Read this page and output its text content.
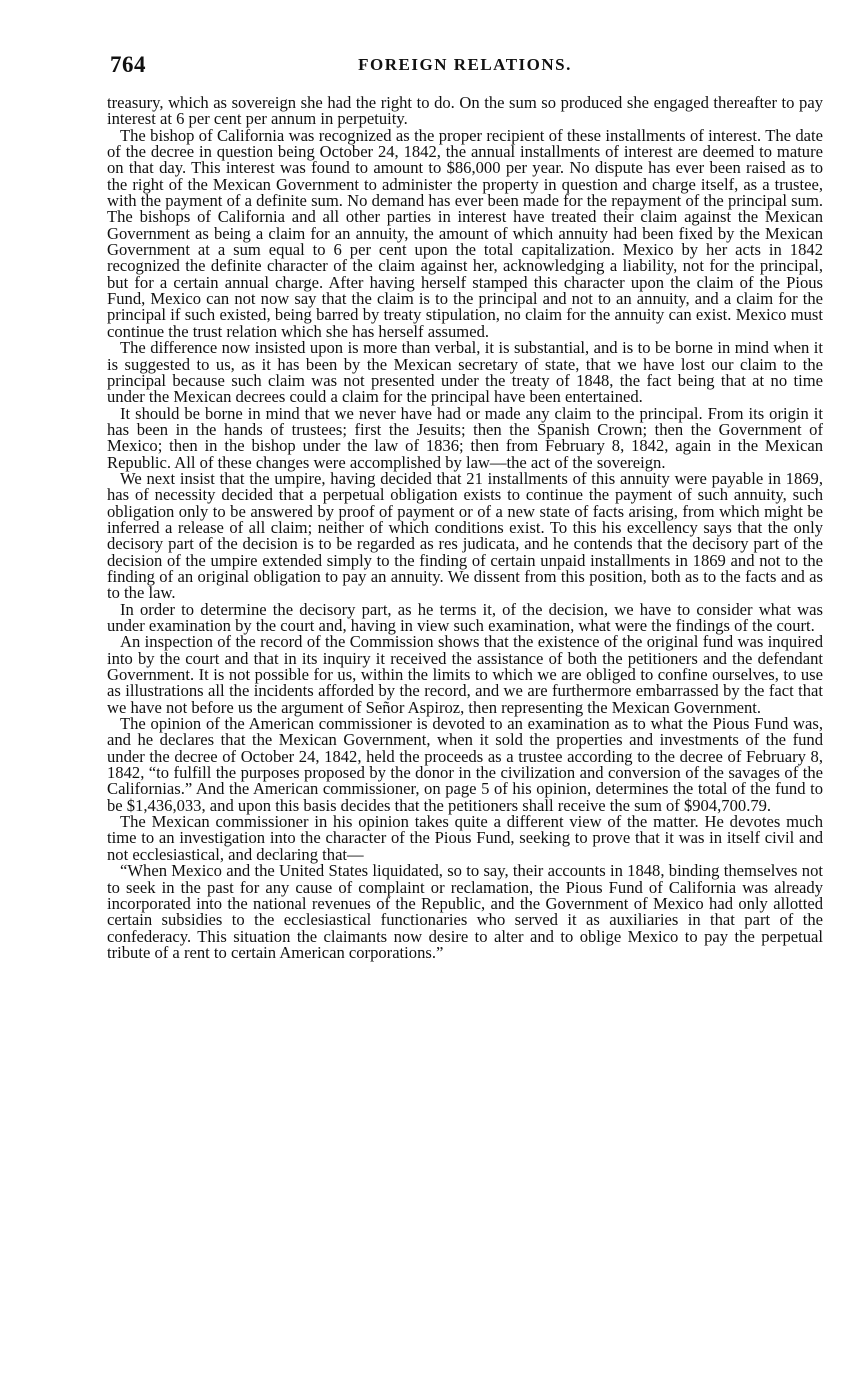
764	FOREIGN RELATIONS.

treasury, which as sovereign she had the right to do. On the sum so produced she engaged thereafter to pay interest at 6 per cent per annum in perpetuity.

The bishop of California was recognized as the proper recipient of these installments of interest. The date of the decree in question being October 24, 1842, the annual installments of interest are deemed to mature on that day. This interest was found to amount to $86,000 per year. No dispute has ever been raised as to the right of the Mexican Government to administer the property in question and charge itself, as a trustee, with the payment of a definite sum. No demand has ever been made for the repayment of the principal sum. The bishops of California and all other parties in interest have treated their claim against the Mexican Government as being a claim for an annuity, the amount of which annuity had been fixed by the Mexican Government at a sum equal to 6 per cent upon the total capitalization. Mexico by her acts in 1842 recognized the definite character of the claim against her, acknowledging a liability, not for the principal, but for a certain annual charge. After having herself stamped this character upon the claim of the Pious Fund, Mexico can not now say that the claim is to the principal and not to an annuity, and a claim for the principal if such existed, being barred by treaty stipulation, no claim for the annuity can exist. Mexico must continue the trust relation which she has herself assumed.

The difference now insisted upon is more than verbal, it is substantial, and is to be borne in mind when it is suggested to us, as it has been by the Mexican secretary of state, that we have lost our claim to the principal because such claim was not presented under the treaty of 1848, the fact being that at no time under the Mexican decrees could a claim for the principal have been entertained.

It should be borne in mind that we never have had or made any claim to the principal. From its origin it has been in the hands of trustees; first the Jesuits; then the Spanish Crown; then the Government of Mexico; then in the bishop under the law of 1836; then from February 8, 1842, again in the Mexican Republic. All of these changes were accomplished by law—the act of the sovereign.

We next insist that the umpire, having decided that 21 installments of this annuity were payable in 1869, has of necessity decided that a perpetual obligation exists to continue the payment of such annuity, such obligation only to be answered by proof of payment or of a new state of facts arising, from which might be inferred a release of all claim; neither of which conditions exist. To this his excellency says that the only decisory part of the decision is to be regarded as res judicata, and he contends that the decisory part of the decision of the umpire extended simply to the finding of certain unpaid installments in 1869 and not to the finding of an original obligation to pay an annuity. We dissent from this position, both as to the facts and as to the law.

In order to determine the decisory part, as he terms it, of the decision, we have to consider what was under examination by the court and, having in view such examination, what were the findings of the court.

An inspection of the record of the Commission shows that the existence of the original fund was inquired into by the court and that in its inquiry it received the assistance of both the petitioners and the defendant Government. It is not possible for us, within the limits to which we are obliged to confine ourselves, to use as illustrations all the incidents afforded by the record, and we are furthermore embarrassed by the fact that we have not before us the argument of Señor Aspiroz, then representing the Mexican Government.

The opinion of the American commissioner is devoted to an examination as to what the Pious Fund was, and he declares that the Mexican Government, when it sold the properties and investments of the fund under the decree of October 24, 1842, held the proceeds as a trustee according to the decree of February 8, 1842, “to fulfill the purposes proposed by the donor in the civilization and conversion of the savages of the Californias.” And the American commissioner, on page 5 of his opinion, determines the total of the fund to be $1,436,033, and upon this basis decides that the petitioners shall receive the sum of $904,700.79.

The Mexican commissioner in his opinion takes quite a different view of the matter. He devotes much time to an investigation into the character of the Pious Fund, seeking to prove that it was in itself civil and not ecclesiastical, and declaring that—

“When Mexico and the United States liquidated, so to say, their accounts in 1848, binding themselves not to seek in the past for any cause of complaint or reclamation, the Pious Fund of California was already incorporated into the national revenues of the Republic, and the Government of Mexico had only allotted certain subsidies to the ecclesiastical functionaries who served it as auxiliaries in that part of the confederacy. This situation the claimants now desire to alter and to oblige Mexico to pay the perpetual tribute of a rent to certain American corporations.”
